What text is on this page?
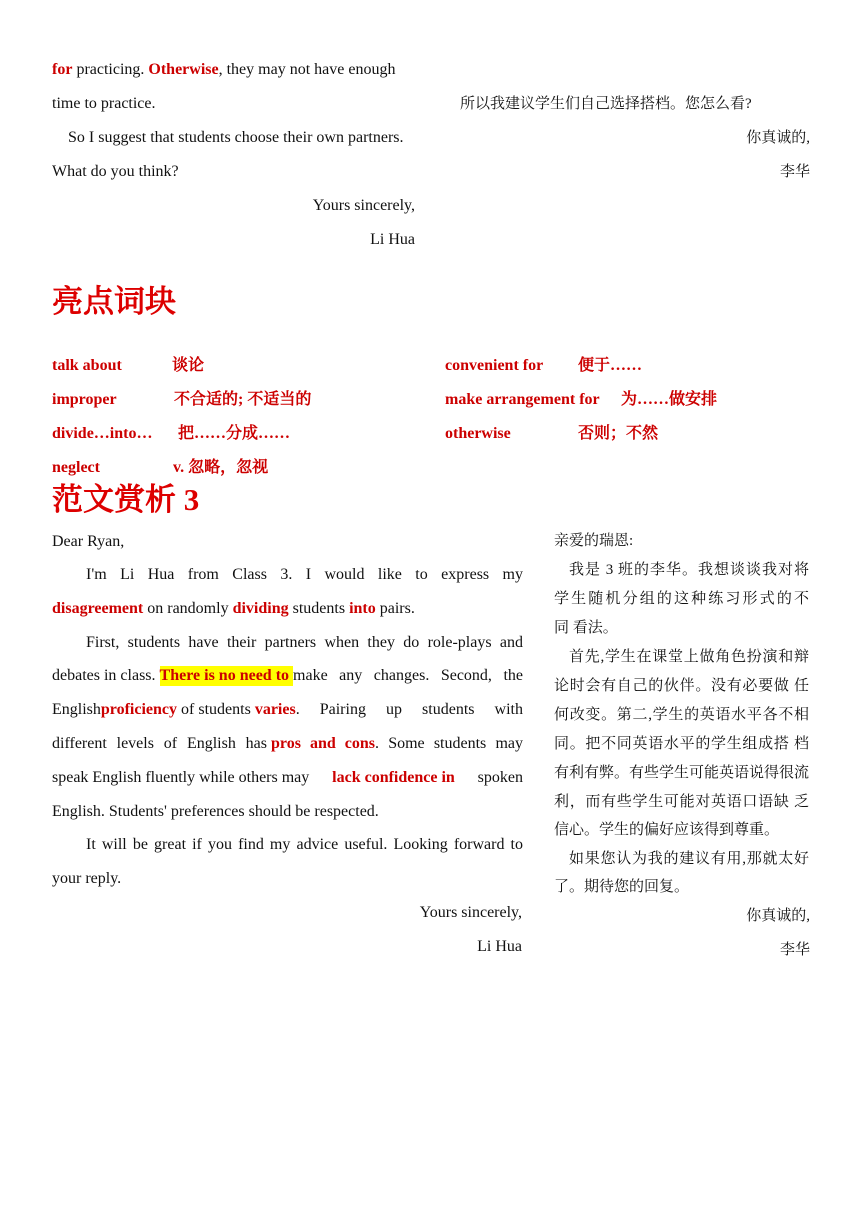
for practicing. Otherwise, they may not have enough
time to practice.
So I suggest that students choose their own partners.
What do you think?
Yours sincerely,
Li Hua
所以我建议学生们自己选择搭档。您怎么看?
你真诚的,
李华
亮点词块
talk about	谈论	convenient for 便于……
improper	不合适的; 不适当的	make arrangement for 为……做安排
divide…into… 把……分成……	otherwise	否则；不然
neglect	v. 忽略，忽视
范文赏析 3
Dear Ryan,
I'm Li Hua from Class 3. I would like to express my
disagreement on randomly dividing students into pairs.
First, students have their partners when they do role-plays and
debates in class. There is no need to make any changes. Second, the
English proficiency of students varies . Pairing up students with
different levels of English has pros and cons . Some students may
speak English fluently while others may lack confidence in spoken
English. Students' preferences should be respected.
It will be great if you find my advice useful. Looking forward to
your reply.
Yours sincerely,
Li Hua
亲爱的瑞恩:
我是 3 班的李华。我想谈谈我对将
学生随机分组的这种练习形式的不
同 看法。
首先,学生在课堂上做角色扮演和辩
论时会有自己的伙伴。没有必要做 任
何改变。第二,学生的英语水平各不相
同。把不同英语水平的学生组成搭 档
有利有弊。有些学生可能英语说得很流
利，而有些学生可能对英语口语缺 乏
信心。学生的偏好应该得到尊重。
如果您认为我的建议有用,那就太好
了。期待您的回复。
你真诚的,
李华
